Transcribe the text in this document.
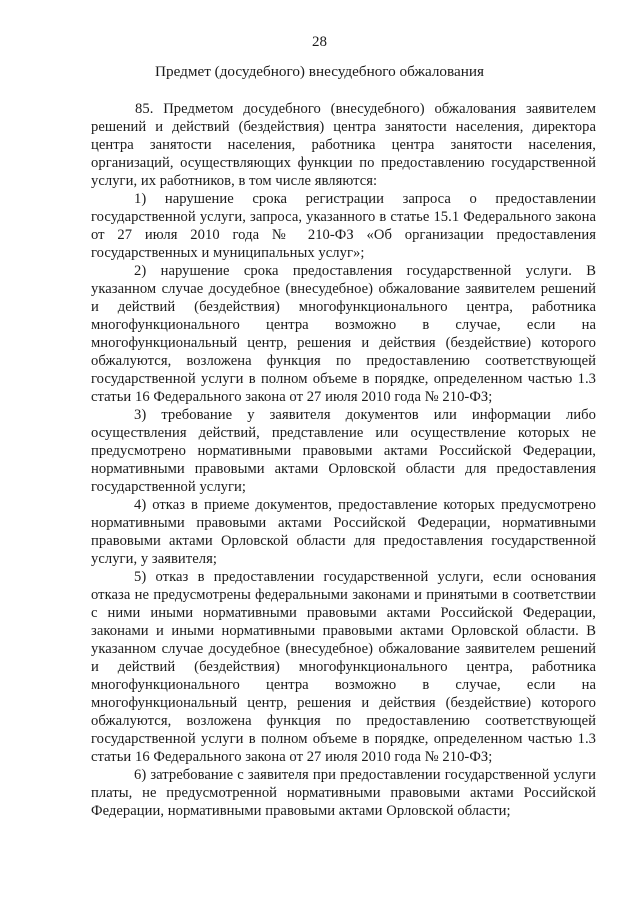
28
Предмет (досудебного) внесудебного обжалования

85. Предметом досудебного (внесудебного) обжалования заявителем решений и действий (бездействия) центра занятости населения, директора центра занятости населения, работника центра занятости населения, организаций, осуществляющих функции по предоставлению государственной услуги, их работников, в том числе являются:

1) нарушение срока регистрации запроса о предоставлении государственной услуги, запроса, указанного в статье 15.1 Федерального закона от 27 июля 2010 года № 210-ФЗ «Об организации предоставления государственных и муниципальных услуг»;

2) нарушение срока предоставления государственной услуги. В указанном случае досудебное (внесудебное) обжалование заявителем решений и действий (бездействия) многофункционального центра, работника многофункционального центра возможно в случае, если на многофункциональный центр, решения и действия (бездействие) которого обжалуются, возложена функция по предоставлению соответствующей государственной услуги в полном объеме в порядке, определенном частью 1.3 статьи 16 Федерального закона от 27 июля 2010 года № 210-ФЗ;

3) требование у заявителя документов или информации либо осуществления действий, представление или осуществление которых не предусмотрено нормативными правовыми актами Российской Федерации, нормативными правовыми актами Орловской области для предоставления государственной услуги;

4) отказ в приеме документов, предоставление которых предусмотрено нормативными правовыми актами Российской Федерации, нормативными правовыми актами Орловской области для предоставления государственной услуги, у заявителя;

5) отказ в предоставлении государственной услуги, если основания отказа не предусмотрены федеральными законами и принятыми в соответствии с ними иными нормативными правовыми актами Российской Федерации, законами и иными нормативными правовыми актами Орловской области. В указанном случае досудебное (внесудебное) обжалование заявителем решений и действий (бездействия) многофункционального центра, работника многофункционального центра возможно в случае, если на многофункциональный центр, решения и действия (бездействие) которого обжалуются, возложена функция по предоставлению соответствующей государственной услуги в полном объеме в порядке, определенном частью 1.3 статьи 16 Федерального закона от 27 июля 2010 года № 210-ФЗ;

6) затребование с заявителя при предоставлении государственной услуги платы, не предусмотренной нормативными правовыми актами Российской Федерации, нормативными правовыми актами Орловской области;
